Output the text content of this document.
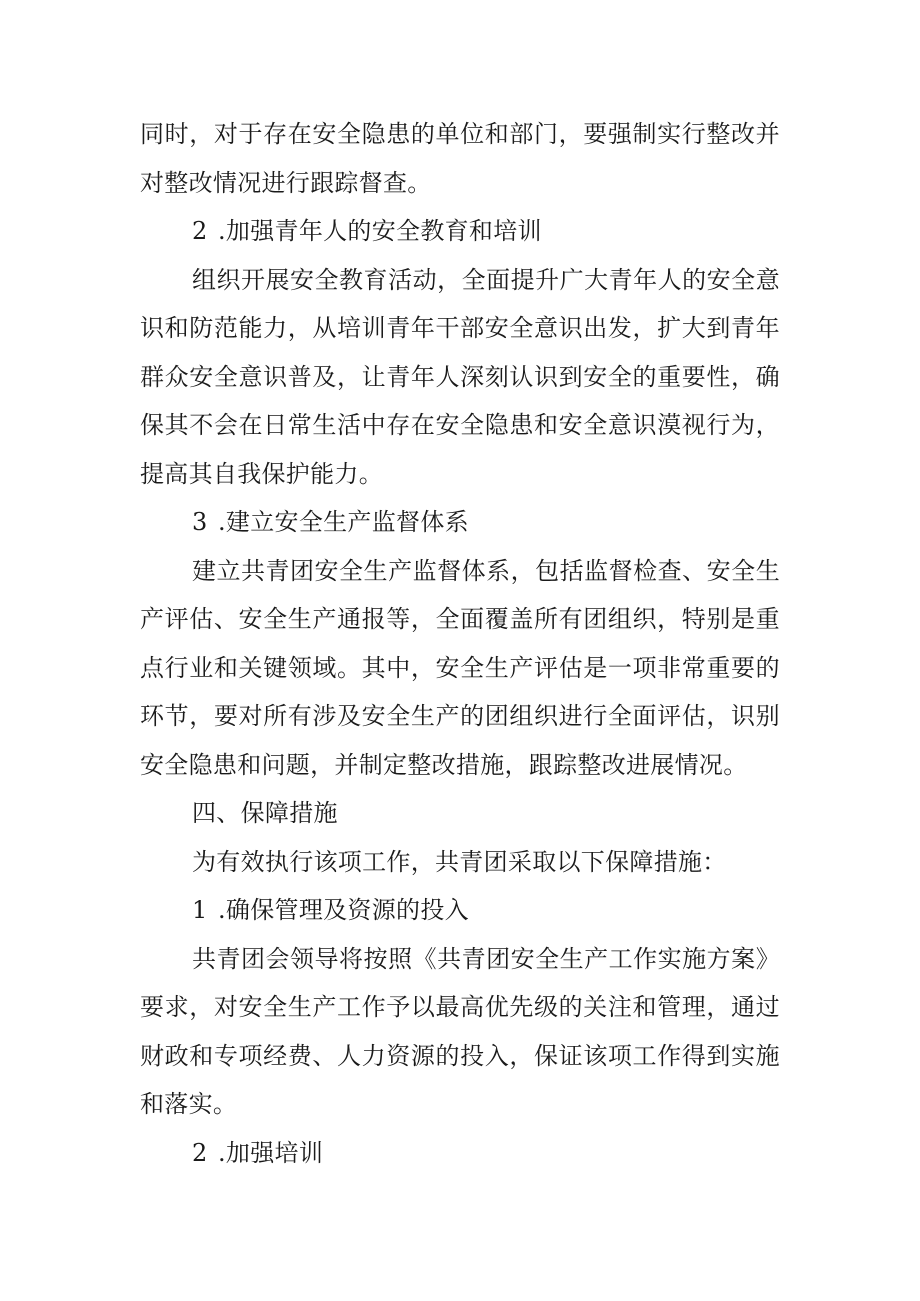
同时，对于存在安全隐患的单位和部门，要强制实行整改并对整改情况进行跟踪督查。

2 .加强青年人的安全教育和培训

组织开展安全教育活动，全面提升广大青年人的安全意识和防范能力，从培训青年干部安全意识出发，扩大到青年群众安全意识普及，让青年人深刻认识到安全的重要性，确保其不会在日常生活中存在安全隐患和安全意识漠视行为，提高其自我保护能力。

3 .建立安全生产监督体系

建立共青团安全生产监督体系，包括监督检查、安全生产评估、安全生产通报等，全面覆盖所有团组织，特别是重点行业和关键领域。其中，安全生产评估是一项非常重要的环节，要对所有涉及安全生产的团组织进行全面评估，识别安全隐患和问题，并制定整改措施，跟踪整改进展情况。

四、保障措施

为有效执行该项工作，共青团采取以下保障措施：

1 .确保管理及资源的投入

共青团会领导将按照《共青团安全生产工作实施方案》要求，对安全生产工作予以最高优先级的关注和管理，通过财政和专项经费、人力资源的投入，保证该项工作得到实施和落实。

2 .加强培训
